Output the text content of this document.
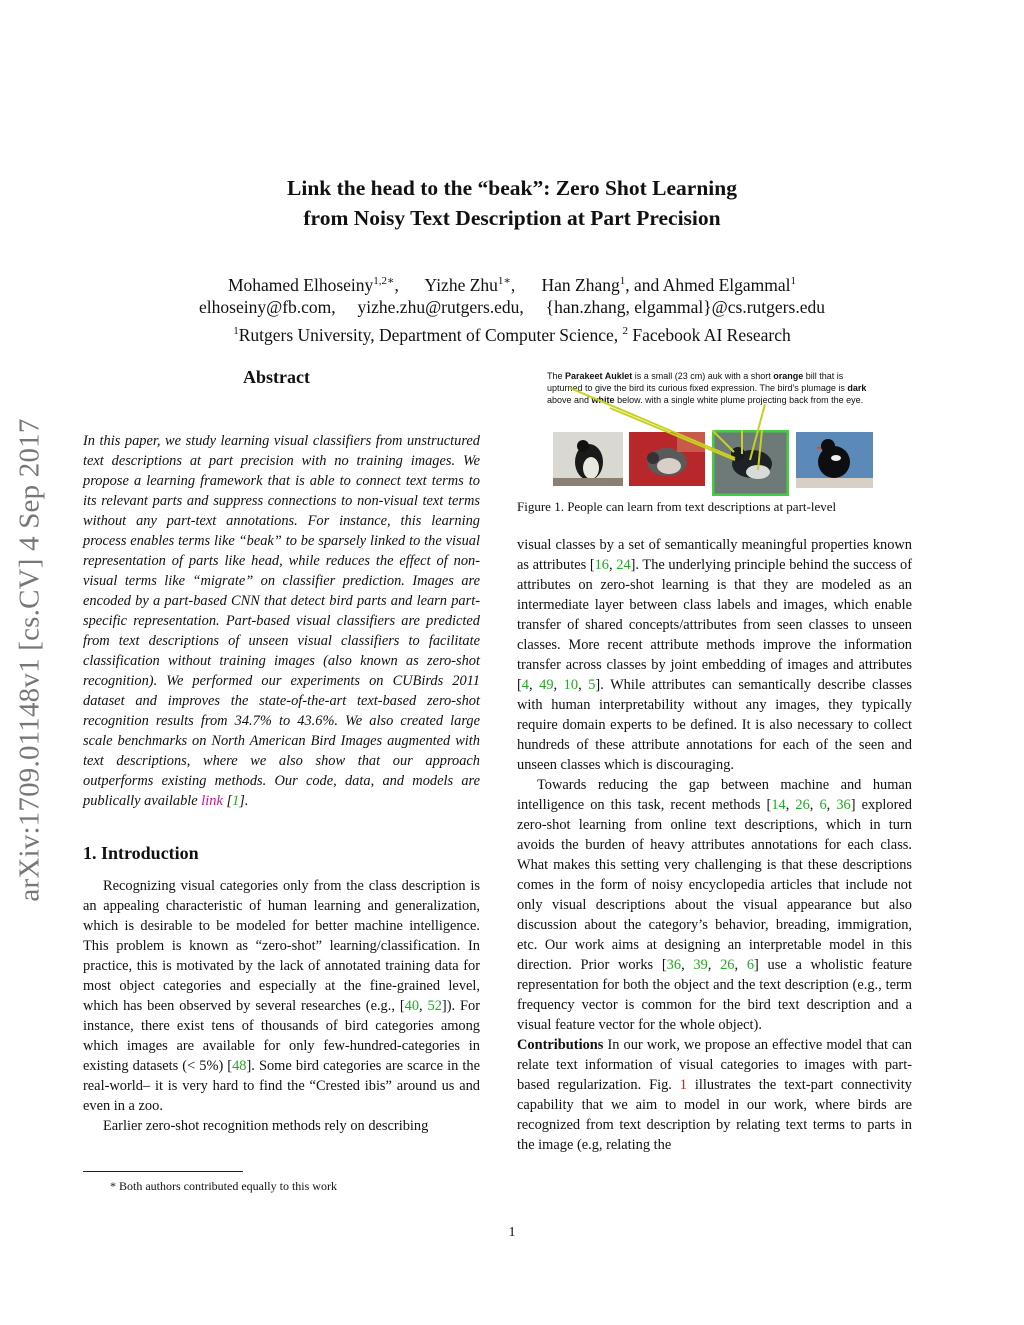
arXiv:1709.01148v1 [cs.CV] 4 Sep 2017
Link the head to the “beak”: Zero Shot Learning
from Noisy Text Description at Part Precision
Mohamed Elhoseiny$^{1,2∗}$, Yizhe Zhu$^{1∗}$, Han Zhang$^1$, and Ahmed Elgammal$^1$
elhoseiny@fb.com,     yizhe.zhu@rutgers.edu,     {han.zhang, elgammal}@cs.rutgers.edu
$^1$Rutgers University, Department of Computer Science, $^2$ Facebook AI Research
Abstract
In this paper, we study learning visual classifiers from unstructured text descriptions at part precision with no training images. We propose a learning framework that is able to connect text terms to its relevant parts and suppress connections to non-visual text terms without any part-text annotations. For instance, this learning process enables terms like “beak” to be sparsely linked to the visual representation of parts like head, while reduces the effect of non-visual terms like “migrate” on classifier prediction. Images are encoded by a part-based CNN that detect bird parts and learn part-specific representation. Part-based visual classifiers are predicted from text descriptions of unseen visual classifiers to facilitate classification without training images (also known as zero-shot recognition). We performed our experiments on CUBirds 2011 dataset and improves the state-of-the-art text-based zero-shot recognition results from 34.7% to 43.6%. We also created large scale benchmarks on North American Bird Images augmented with text descriptions, where we also show that our approach outperforms existing methods. Our code, data, and models are publically available link [1].
1. Introduction
Recognizing visual categories only from the class description is an appealing characteristic of human learning and generalization, which is desirable to be modeled for better machine intelligence. This problem is known as “zero-shot” learning/classification. In practice, this is motivated by the lack of annotated training data for most object categories and especially at the fine-grained level, which has been observed by several researches (e.g., [40, 52]). For instance, there exist tens of thousands of bird categories among which images are available for only few-hundred-categories in existing datasets (< 5%) [48]. Some bird categories are scarce in the real-world– it is very hard to find the “Crested ibis” around us and even in a zoo.
Earlier zero-shot recognition methods rely on describing
* Both authors contributed equally to this work
The Parakeet Auklet is a small (23 cm) auk with a short orange bill that is upturned to give the bird its curious fixed expression. The bird’s plumage is dark above and white below. with a single white plume projecting back from the eye.
Figure 1. People can learn from text descriptions at part-level
visual classes by a set of semantically meaningful properties known as attributes [16, 24]. The underlying principle behind the success of attributes on zero-shot learning is that they are modeled as an intermediate layer between class labels and images, which enable transfer of shared concepts/attributes from seen classes to unseen classes. More recent attribute methods improve the information transfer across classes by joint embedding of images and attributes [4, 49, 10, 5]. While attributes can semantically describe classes with human interpretability without any images, they typically require domain experts to be defined. It is also necessary to collect hundreds of these attribute annotations for each of the seen and unseen classes which is discouraging.
Towards reducing the gap between machine and human intelligence on this task, recent methods [14, 26, 6, 36] explored zero-shot learning from online text descriptions, which in turn avoids the burden of heavy attributes annotations for each class. What makes this setting very challenging is that these descriptions comes in the form of noisy encyclopedia articles that include not only visual descriptions about the visual appearance but also discussion about the category’s behavior, breading, immigration, etc. Our work aims at designing an interpretable model in this direction. Prior works [36, 39, 26, 6] use a wholistic feature representation for both the object and the text description (e.g., term frequency vector is common for the bird text description and a visual feature vector for the whole object).
Contributions In our work, we propose an effective model that can relate text information of visual categories to images with part-based regularization. Fig. 1 illustrates the text-part connectivity capability that we aim to model in our work, where birds are recognized from text description by relating text terms to parts in the image (e.g, relating the
1
